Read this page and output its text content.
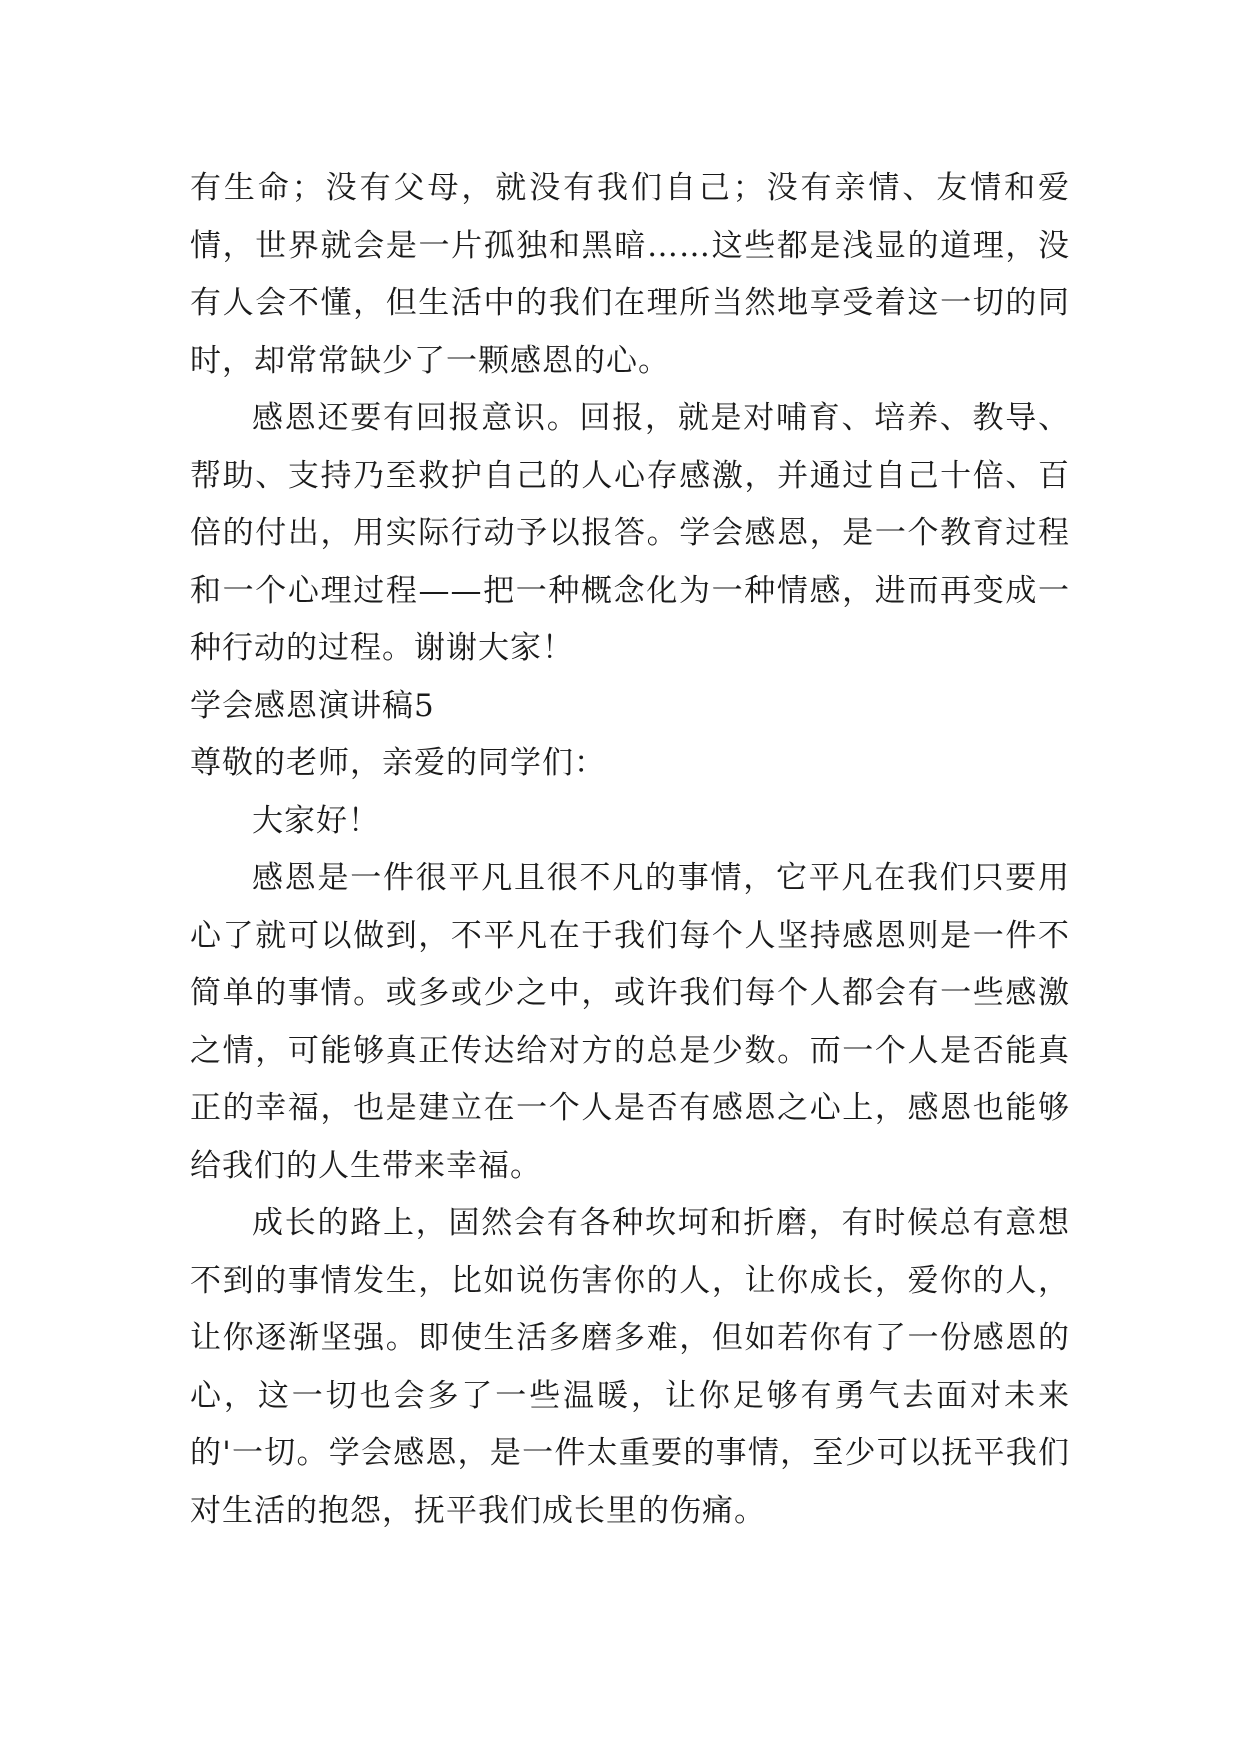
有生命；没有父母，就没有我们自己；没有亲情、友情和爱情，世界就会是一片孤独和黑暗……这些都是浅显的道理，没有人会不懂，但生活中的我们在理所当然地享受着这一切的同时，却常常缺少了一颗感恩的心。

感恩还要有回报意识。回报，就是对哺育、培养、教导、帮助、支持乃至救护自己的人心存感激，并通过自己十倍、百倍的付出，用实际行动予以报答。学会感恩，是一个教育过程和一个心理过程——把一种概念化为一种情感，进而再变成一种行动的过程。谢谢大家！

学会感恩演讲稿5

尊敬的老师，亲爱的同学们：

大家好！

感恩是一件很平凡且很不凡的事情，它平凡在我们只要用心了就可以做到，不平凡在于我们每个人坚持感恩则是一件不简单的事情。或多或少之中，或许我们每个人都会有一些感激之情，可能够真正传达给对方的总是少数。而一个人是否能真正的幸福，也是建立在一个人是否有感恩之心上，感恩也能够给我们的人生带来幸福。

成长的路上，固然会有各种坎坷和折磨，有时候总有意想不到的事情发生，比如说伤害你的人，让你成长，爱你的人，让你逐渐坚强。即使生活多磨多难，但如若你有了一份感恩的心，这一切也会多了一些温暖，让你足够有勇气去面对未来的'一切。学会感恩，是一件太重要的事情，至少可以抚平我们对生活的抱怨，抚平我们成长里的伤痛。
